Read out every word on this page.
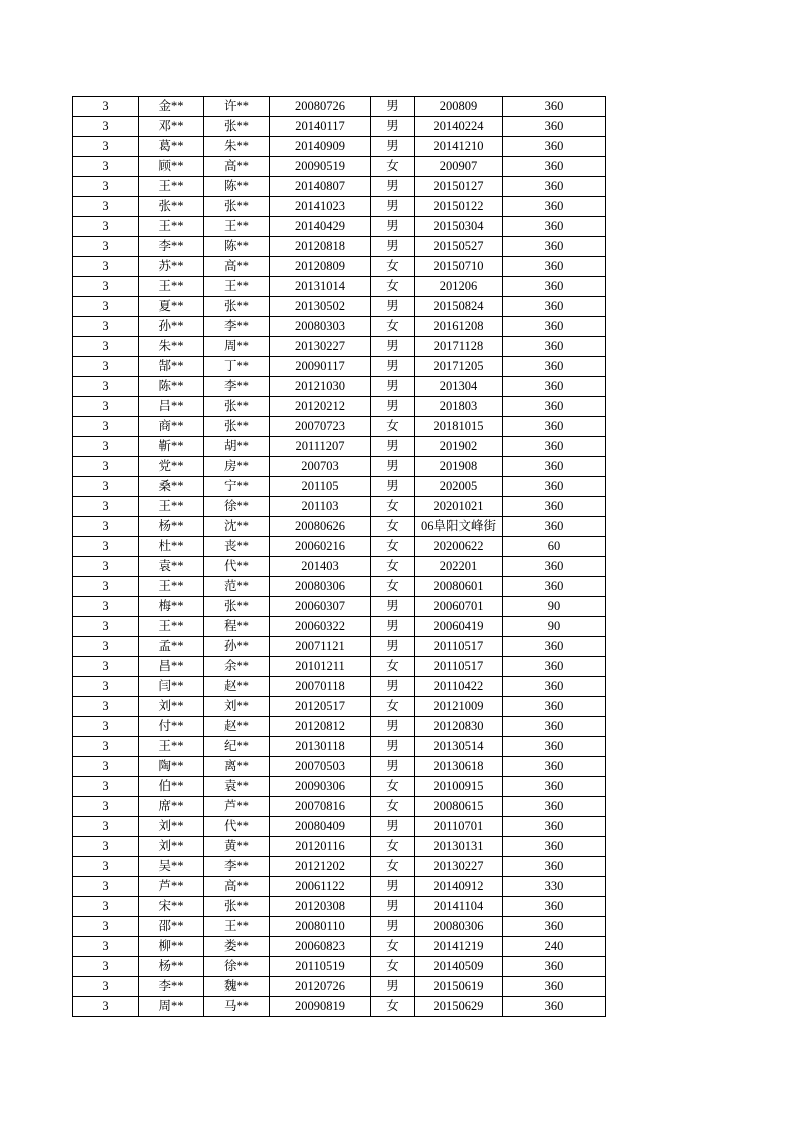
3	金**	许**	20080726	男	200809	360
3	邓**	张**	20140117	男	20140224	360
3	葛**	朱**	20140909	男	20141210	360
3	顾**	高**	20090519	女	200907	360
3	王**	陈**	20140807	男	20150127	360
3	张**	张**	20141023	男	20150122	360
3	王**	王**	20140429	男	20150304	360
3	李**	陈**	20120818	男	20150527	360
3	苏**	高**	20120809	女	20150710	360
3	王**	王**	20131014	女	201206	360
3	夏**	张**	20130502	男	20150824	360
3	孙**	李**	20080303	女	20161208	360
3	朱**	周**	20130227	男	20171128	360
3	郜**	丁**	20090117	男	20171205	360
3	陈**	李**	20121030	男	201304	360
3	吕**	张**	20120212	男	201803	360
3	商**	张**	20070723	女	20181015	360
3	靳**	胡**	20111207	男	201902	360
3	党**	房**	200703	男	201908	360
3	桑**	宁**	201105	男	202005	360
3	王**	徐**	201103	女	20201021	360
3	杨**	沈**	20080626	女	06阜阳文峰街	360
3	杜**	丧**	20060216	女	20200622	60
3	袁**	代**	201403	女	202201	360
3	王**	范**	20080306	女	20080601	360
3	梅**	张**	20060307	男	20060701	90
3	王**	程**	20060322	男	20060419	90
3	孟**	孙**	20071121	男	20110517	360
3	昌**	余**	20101211	女	20110517	360
3	闫**	赵**	20070118	男	20110422	360
3	刘**	刘**	20120517	女	20121009	360
3	付**	赵**	20120812	男	20120830	360
3	王**	纪**	20130118	男	20130514	360
3	陶**	离**	20070503	男	20130618	360
3	伯**	袁**	20090306	女	20100915	360
3	席**	芦**	20070816	女	20080615	360
3	刘**	代**	20080409	男	20110701	360
3	刘**	黄**	20120116	女	20130131	360
3	吴**	李**	20121202	女	20130227	360
3	芦**	高**	20061122	男	20140912	330
3	宋**	张**	20120308	男	20141104	360
3	邵**	王**	20080110	男	20080306	360
3	柳**	娄**	20060823	女	20141219	240
3	杨**	徐**	20110519	女	20140509	360
3	李**	魏**	20120726	男	20150619	360
3	周**	马**	20090819	女	20150629	360
